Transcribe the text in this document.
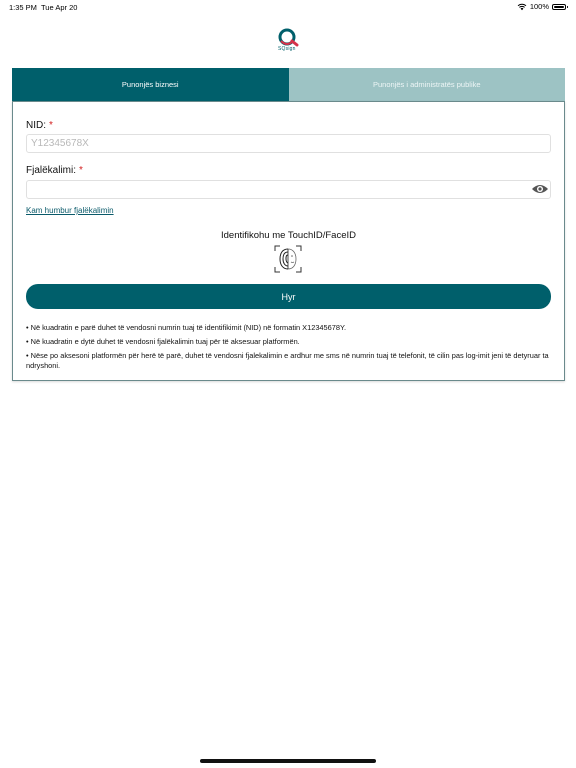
1:35 PM Tue Apr 20	100%
SQsign
Punonjës biznesi	Punonjës i administratës publike
NID: *
Y12345678X
Fjalëkalimi: *
Kam humbur fjalëkalimin
Identifikohu me TouchID/FaceID
Hyr

• Në kuadratin e parë duhet të vendosni numrin tuaj të identifikimit (NID) në formatin X12345678Y.

• Në kuadratin e dytë duhet të vendosni fjalëkalimin tuaj për të aksesuar platformën.

• Nëse po aksesoni platformën për herë të parë, duhet të vendosni fjalekalimin e ardhur me sms në numrin tuaj të telefonit, të cilin pas log-imit jeni të detyruar ta ndryshoni.
